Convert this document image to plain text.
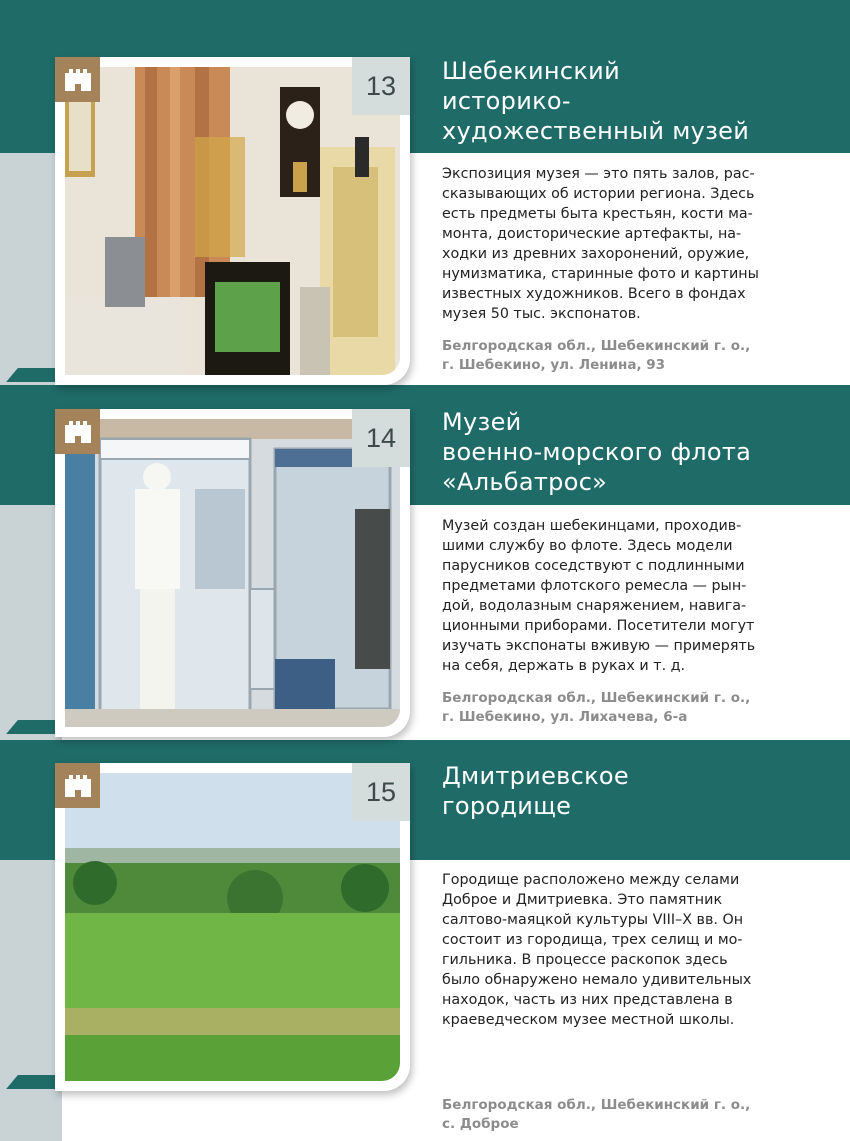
13	Шебекинский
историко-
художественный музей
Экспозиция музея — это пять залов, рас-
сказывающих об истории региона. Здесь
есть предметы быта крестьян, кости ма-
монта, доисторические артефакты, на-
ходки из древних захоронений, оружие,
нумизматика, старинные фото и картины
известных художников. Всего в фондах
музея 50 тыс. экспонатов.
Белгородская обл., Шебекинский г. о.,
г. Шебекино, ул. Ленина, 93
14
Музей
военно-морского флота
«Альбатрос»
Музей создан шебекинцами, проходив-
шими службу во флоте. Здесь модели
парусников соседствуют с подлинными
предметами флотского ремесла — рын-
дой, водолазным снаряжением, навига-
ционными приборами. Посетители могут
изучать экспонаты вживую — примерять
на себя, держать в руках и т. д.
Белгородская обл., Шебекинский г. о.,
г. Шебекино, ул. Лихачева, 6-а
15
Дмитриевское
городище
Городище расположено между селами
Доброе и Дмитриевка. Это памятник
салтово-маяцкой культуры VIII–X вв. Он
состоит из городища, трех селищ и мо-
гильника. В процессе раскопок здесь
было обнаружено немало удивительных
находок, часть из них представлена в
краеведческом музее местной школы.
Белгородская обл., Шебекинский г. о.,
с. Доброе
